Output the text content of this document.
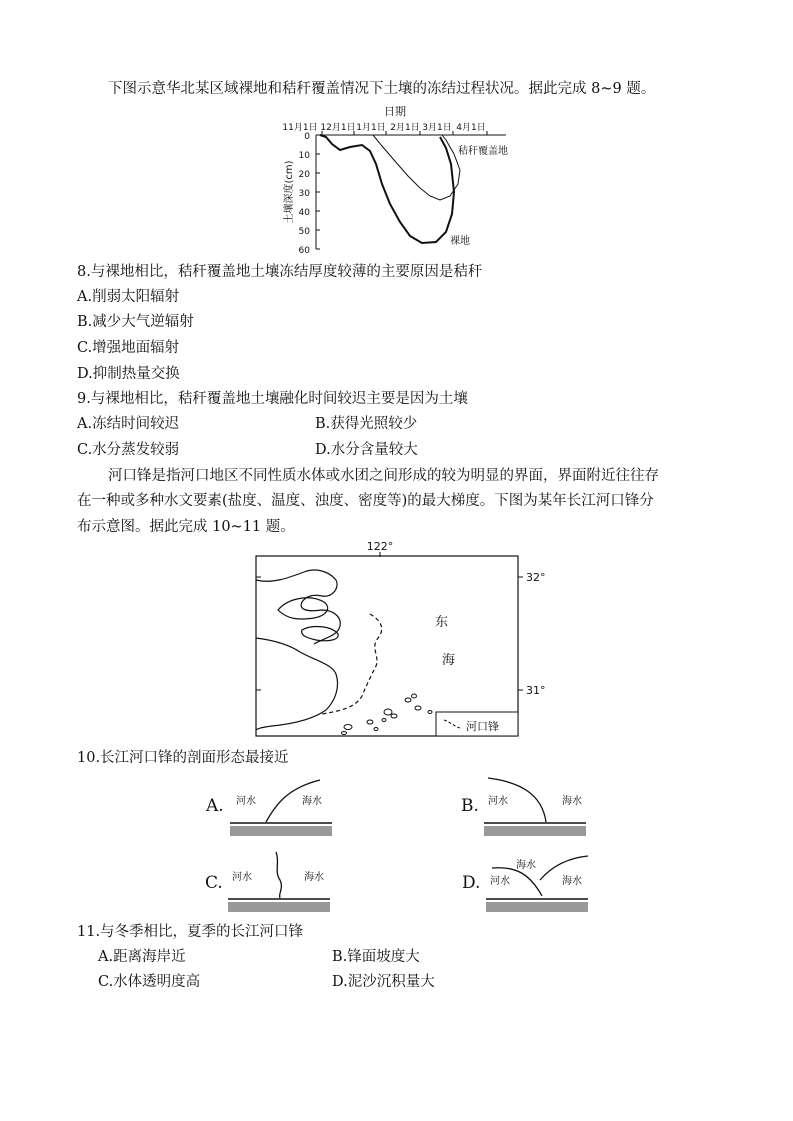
下图示意华北某区域裸地和秸秆覆盖情况下土壤的冻结过程状况。据此完成 8~9 题。
日期
11月1日 12月1日 1月1日 2月1日 3月1日 4月1日
0
10
20
30
40
50
60
土壤深度(cm)
秸秆覆盖地
裸地
8.与裸地相比，秸秆覆盖地土壤冻结厚度较薄的主要原因是秸秆
A.削弱太阳辐射
B.减少大气逆辐射
C.增强地面辐射
D.抑制热量交换
9.与裸地相比，秸秆覆盖地土壤融化时间较迟主要是因为土壤
A.冻结时间较迟	B.获得光照较少
C.水分蒸发较弱	D.水分含量较大
河口锋是指河口地区不同性质水体或水团之间形成的较为明显的界面，界面附近往往存
在一种或多种水文要素(盐度、温度、浊度、密度等)的最大梯度。下图为某年长江河口锋分
布示意图。据此完成 10~11 题。
122°
32°
31°
东
海
河口锋
10.长江河口锋的剖面形态最接近
A. 河水	海水	B. 河水	海水
C. 河水	海水	D.
海水
河水	海水
11.与冬季相比，夏季的长江河口锋
A.距离海岸近	B.锋面坡度大
C.水体透明度高	D.泥沙沉积量大
